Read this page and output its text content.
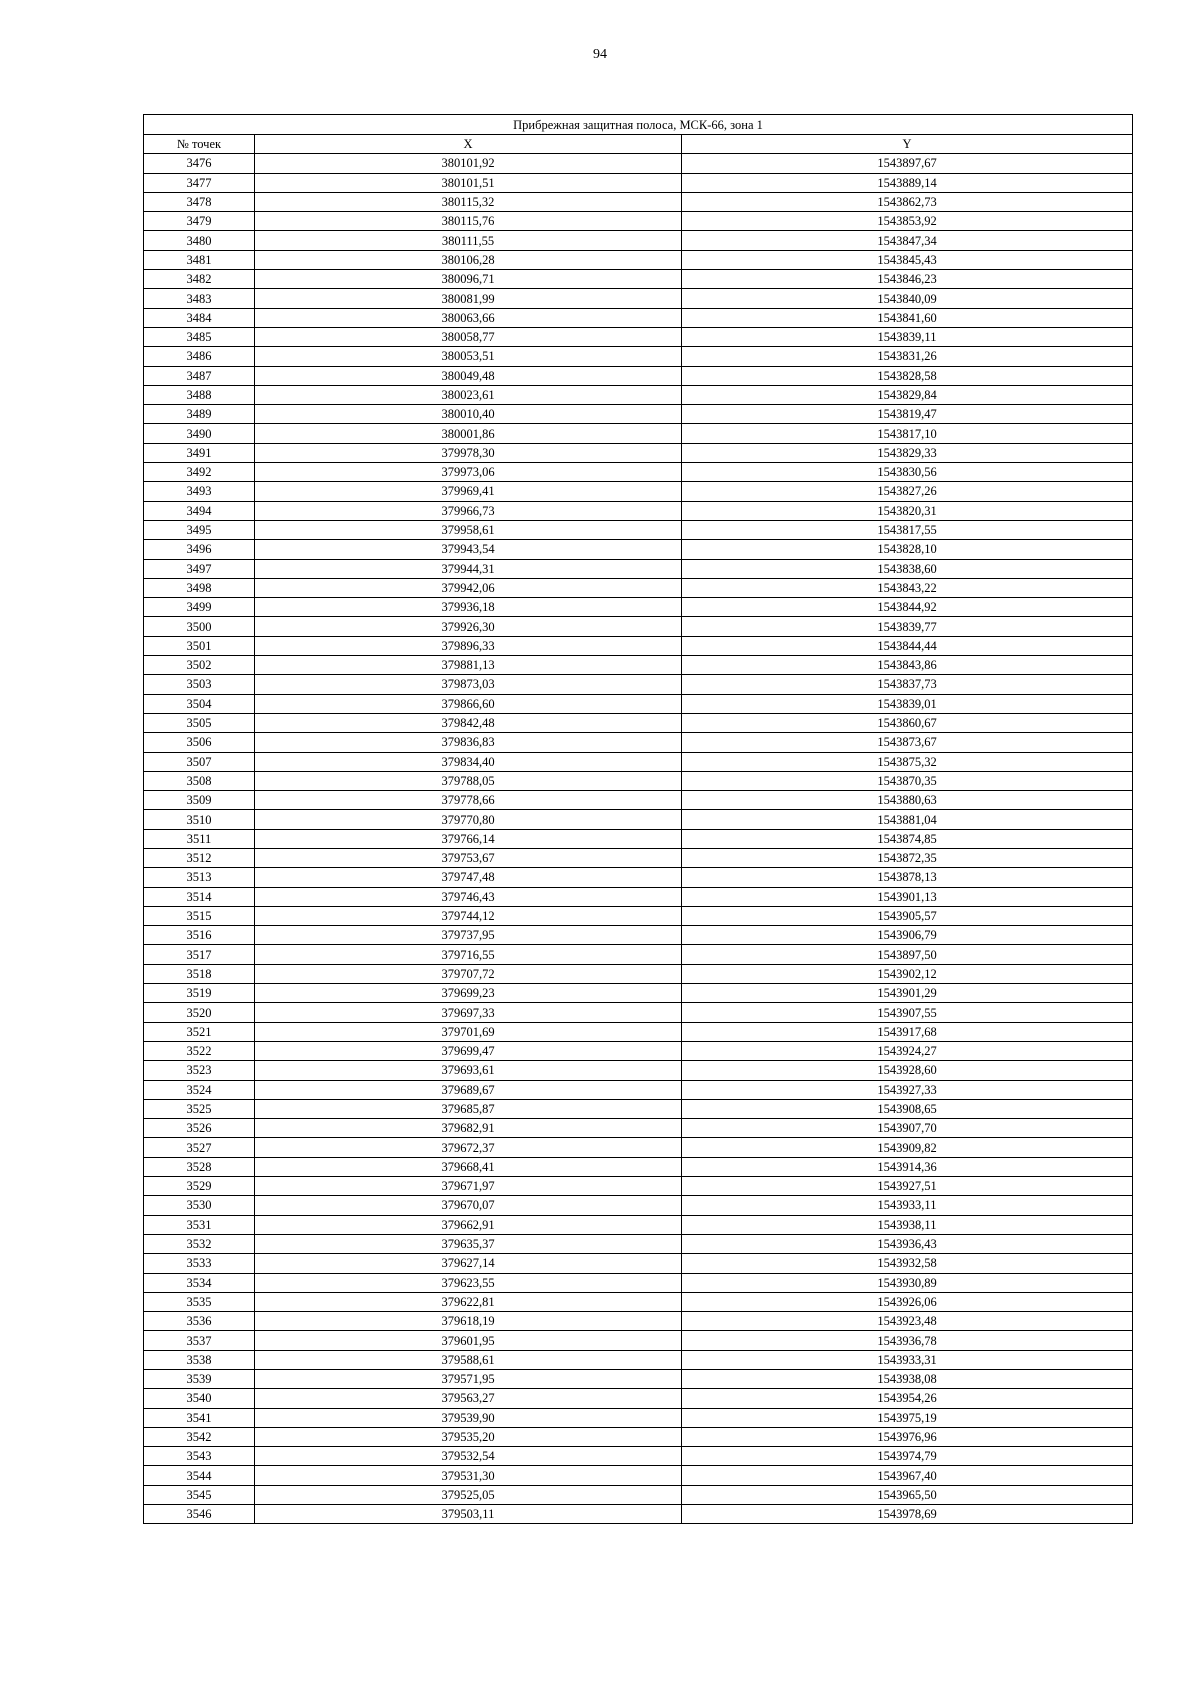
94
Прибрежная защитная полоса, МСК-66, зона 1		
№ точек	X	Y
3476	380101,92	1543897,67
3477	380101,51	1543889,14
3478	380115,32	1543862,73
3479	380115,76	1543853,92
3480	380111,55	1543847,34
3481	380106,28	1543845,43
3482	380096,71	1543846,23
3483	380081,99	1543840,09
3484	380063,66	1543841,60
3485	380058,77	1543839,11
3486	380053,51	1543831,26
3487	380049,48	1543828,58
3488	380023,61	1543829,84
3489	380010,40	1543819,47
3490	380001,86	1543817,10
3491	379978,30	1543829,33
3492	379973,06	1543830,56
3493	379969,41	1543827,26
3494	379966,73	1543820,31
3495	379958,61	1543817,55
3496	379943,54	1543828,10
3497	379944,31	1543838,60
3498	379942,06	1543843,22
3499	379936,18	1543844,92
3500	379926,30	1543839,77
3501	379896,33	1543844,44
3502	379881,13	1543843,86
3503	379873,03	1543837,73
3504	379866,60	1543839,01
3505	379842,48	1543860,67
3506	379836,83	1543873,67
3507	379834,40	1543875,32
3508	379788,05	1543870,35
3509	379778,66	1543880,63
3510	379770,80	1543881,04
3511	379766,14	1543874,85
3512	379753,67	1543872,35
3513	379747,48	1543878,13
3514	379746,43	1543901,13
3515	379744,12	1543905,57
3516	379737,95	1543906,79
3517	379716,55	1543897,50
3518	379707,72	1543902,12
3519	379699,23	1543901,29
3520	379697,33	1543907,55
3521	379701,69	1543917,68
3522	379699,47	1543924,27
3523	379693,61	1543928,60
3524	379689,67	1543927,33
3525	379685,87	1543908,65
3526	379682,91	1543907,70
3527	379672,37	1543909,82
3528	379668,41	1543914,36
3529	379671,97	1543927,51
3530	379670,07	1543933,11
3531	379662,91	1543938,11
3532	379635,37	1543936,43
3533	379627,14	1543932,58
3534	379623,55	1543930,89
3535	379622,81	1543926,06
3536	379618,19	1543923,48
3537	379601,95	1543936,78
3538	379588,61	1543933,31
3539	379571,95	1543938,08
3540	379563,27	1543954,26
3541	379539,90	1543975,19
3542	379535,20	1543976,96
3543	379532,54	1543974,79
3544	379531,30	1543967,40
3545	379525,05	1543965,50
3546	379503,11	1543978,69
